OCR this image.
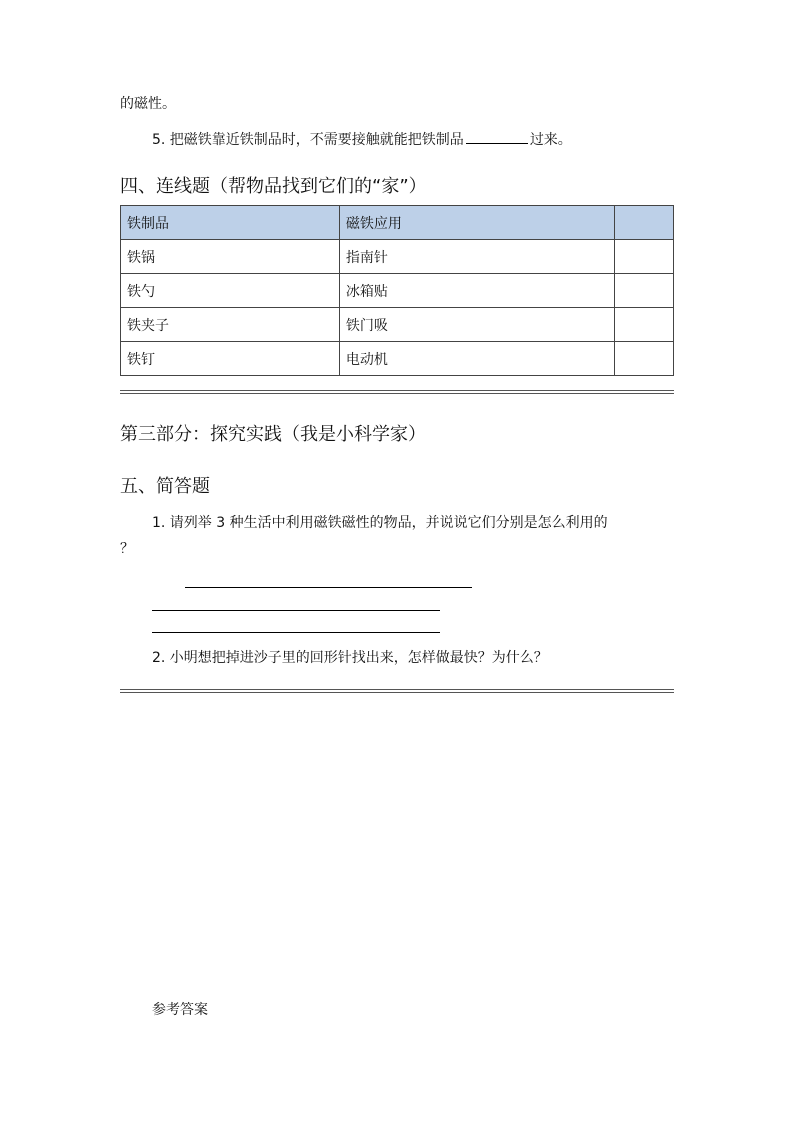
的磁性。
5. 把磁铁靠近铁制品时，不需要接触就能把铁制品	过来。
四、连线题（帮物品找到它们的“家”）
铁制品	磁铁应用	
铁锅	指南针	
铁勺	冰箱贴	
铁夹子	铁门吸	
铁钉	电动机	
第三部分：探究实践（我是小科学家）
五、简答题
1. 请列举 3 种生活中利用磁铁磁性的物品，并说说它们分别是怎么利用的
？
2. 小明想把掉进沙子里的回形针找出来，怎样做最快？为什么？
参考答案
